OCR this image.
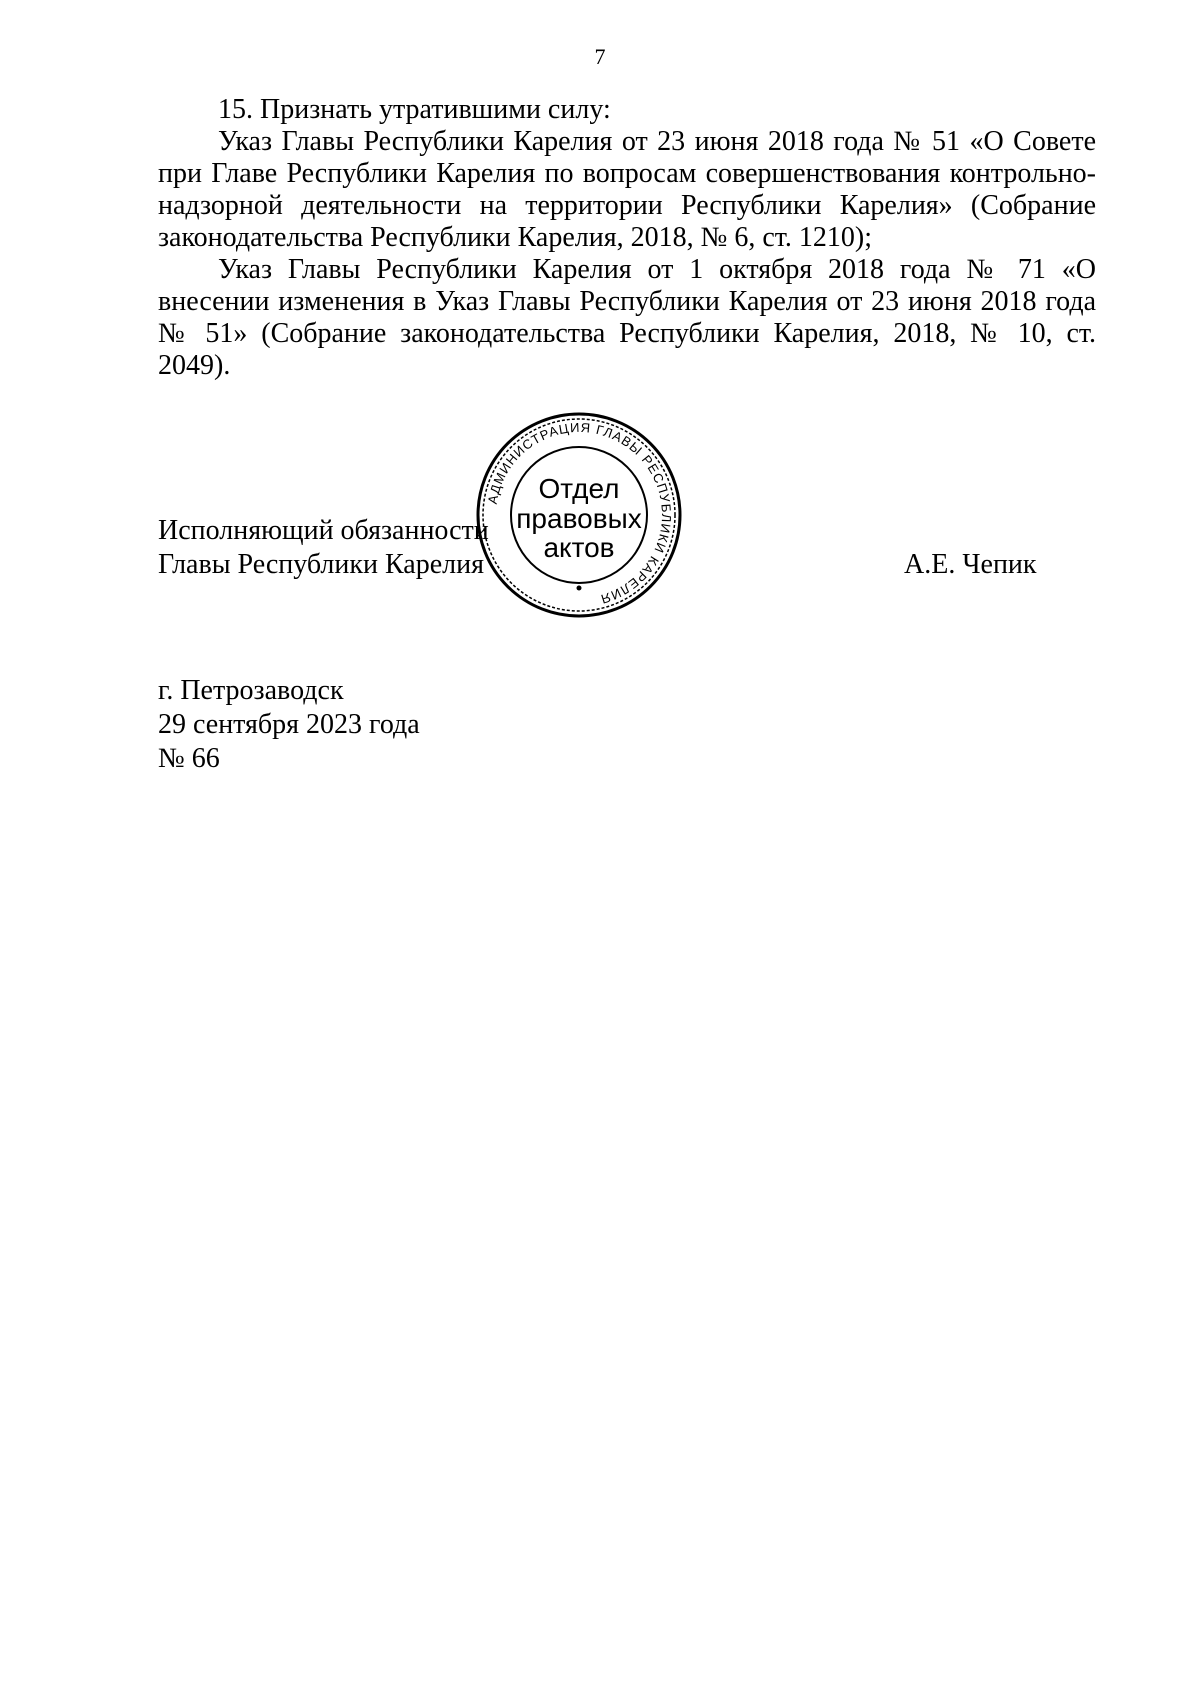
7

15. Признать утратившими силу:

Указ Главы Республики Карелия от 23 июня 2018 года № 51 «О Совете при Главе Республики Карелия по вопросам совершенствования контрольно-надзорной деятельности на территории Республики Карелия» (Собрание законодательства Республики Карелия, 2018, № 6, ст. 1210);

Указ Главы Республики Карелия от 1 октября 2018 года № 71 «О внесении изменения в Указ Главы Республики Карелия от 23 июня 2018 года № 51» (Собрание законодательства Республики Карелия, 2018, № 10, ст. 2049).

Исполняющий обязанности
Главы Республики Карелия	А.Е. Чепик
АДМИНИСТРАЦИЯ ГЛАВЫ РЕСПУБЛИКИ КАРЕЛИЯ
Отдел
правовых
актов
г. Петрозаводск
29 сентября 2023 года
№ 66
